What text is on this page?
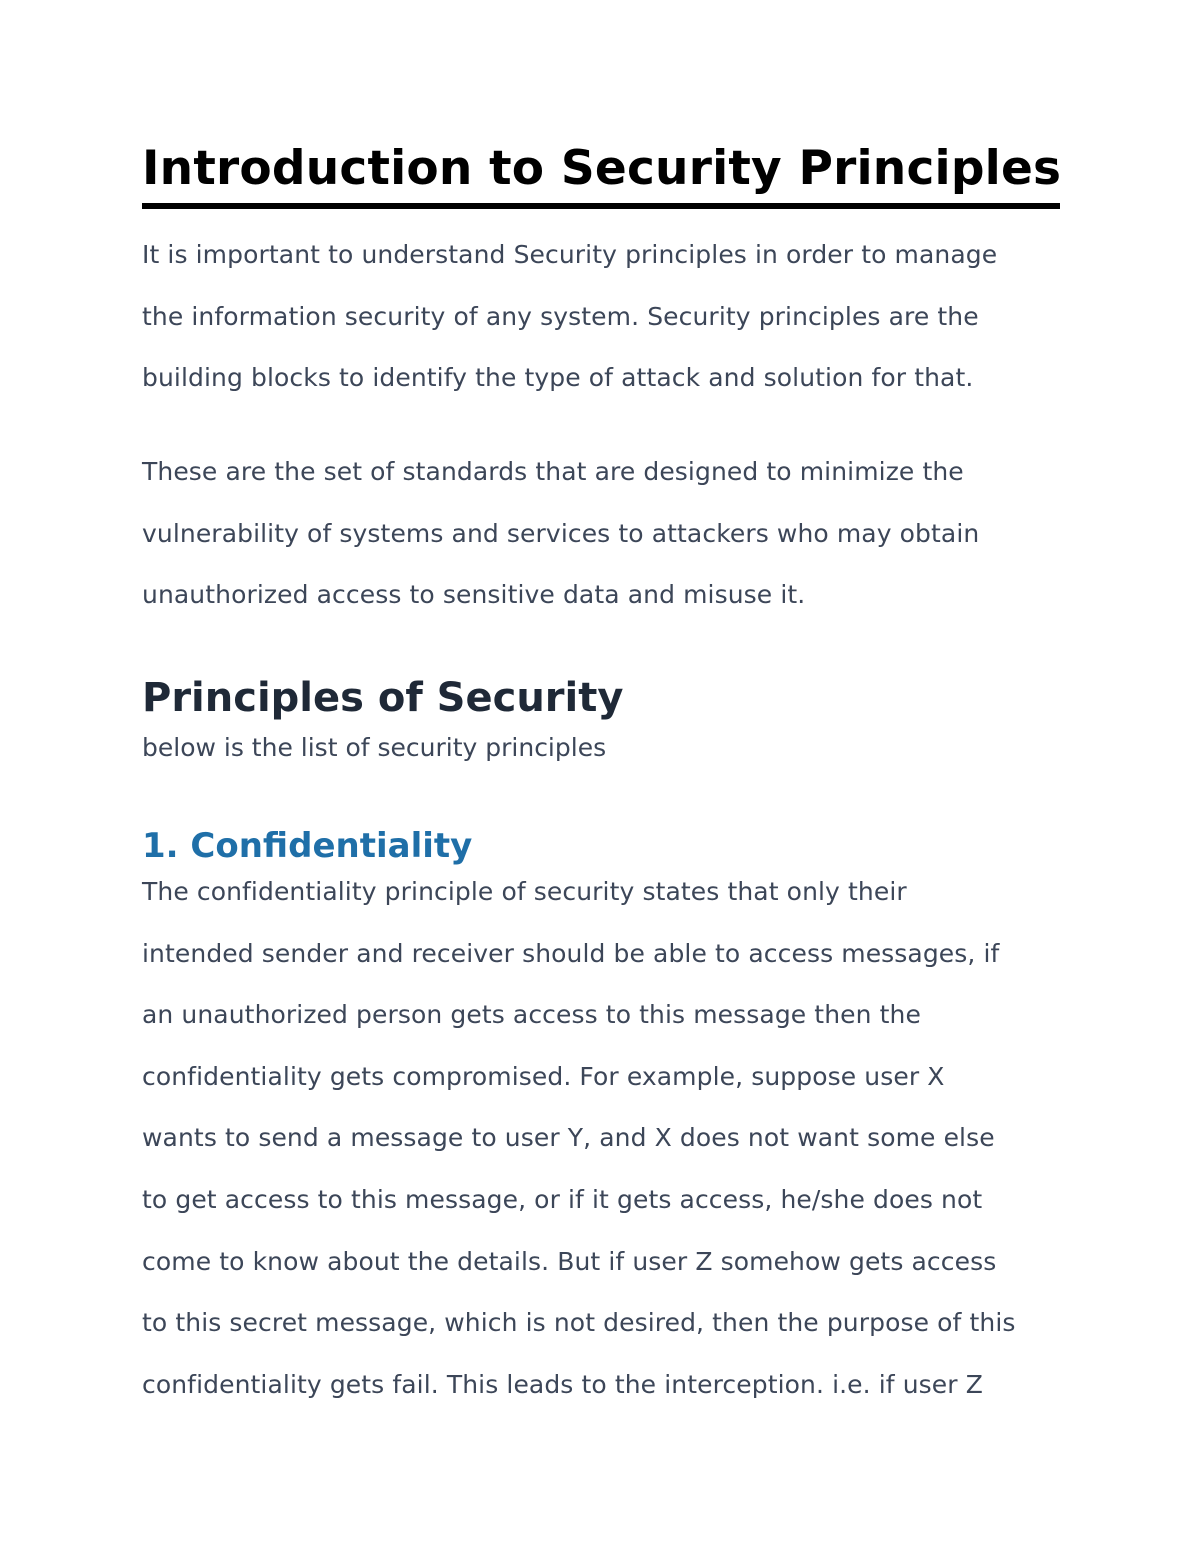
Introduction to Security Principles

It is important to understand Security principles in order to manage
the information security of any system. Security principles are the
building blocks to identify the type of attack and solution for that.

These are the set of standards that are designed to minimize the
vulnerability of systems and services to attackers who may obtain
unauthorized access to sensitive data and misuse it.

Principles of Security

below is the list of security principles

1. Confidentiality

The confidentiality principle of security states that only their
intended sender and receiver should be able to access messages, if
an unauthorized person gets access to this message then the
confidentiality gets compromised. For example, suppose user X
wants to send a message to user Y, and X does not want some else
to get access to this message, or if it gets access, he/she does not
come to know about the details. But if user Z somehow gets access
to this secret message, which is not desired, then the purpose of this
confidentiality gets fail. This leads to the interception. i.e. if user Z
